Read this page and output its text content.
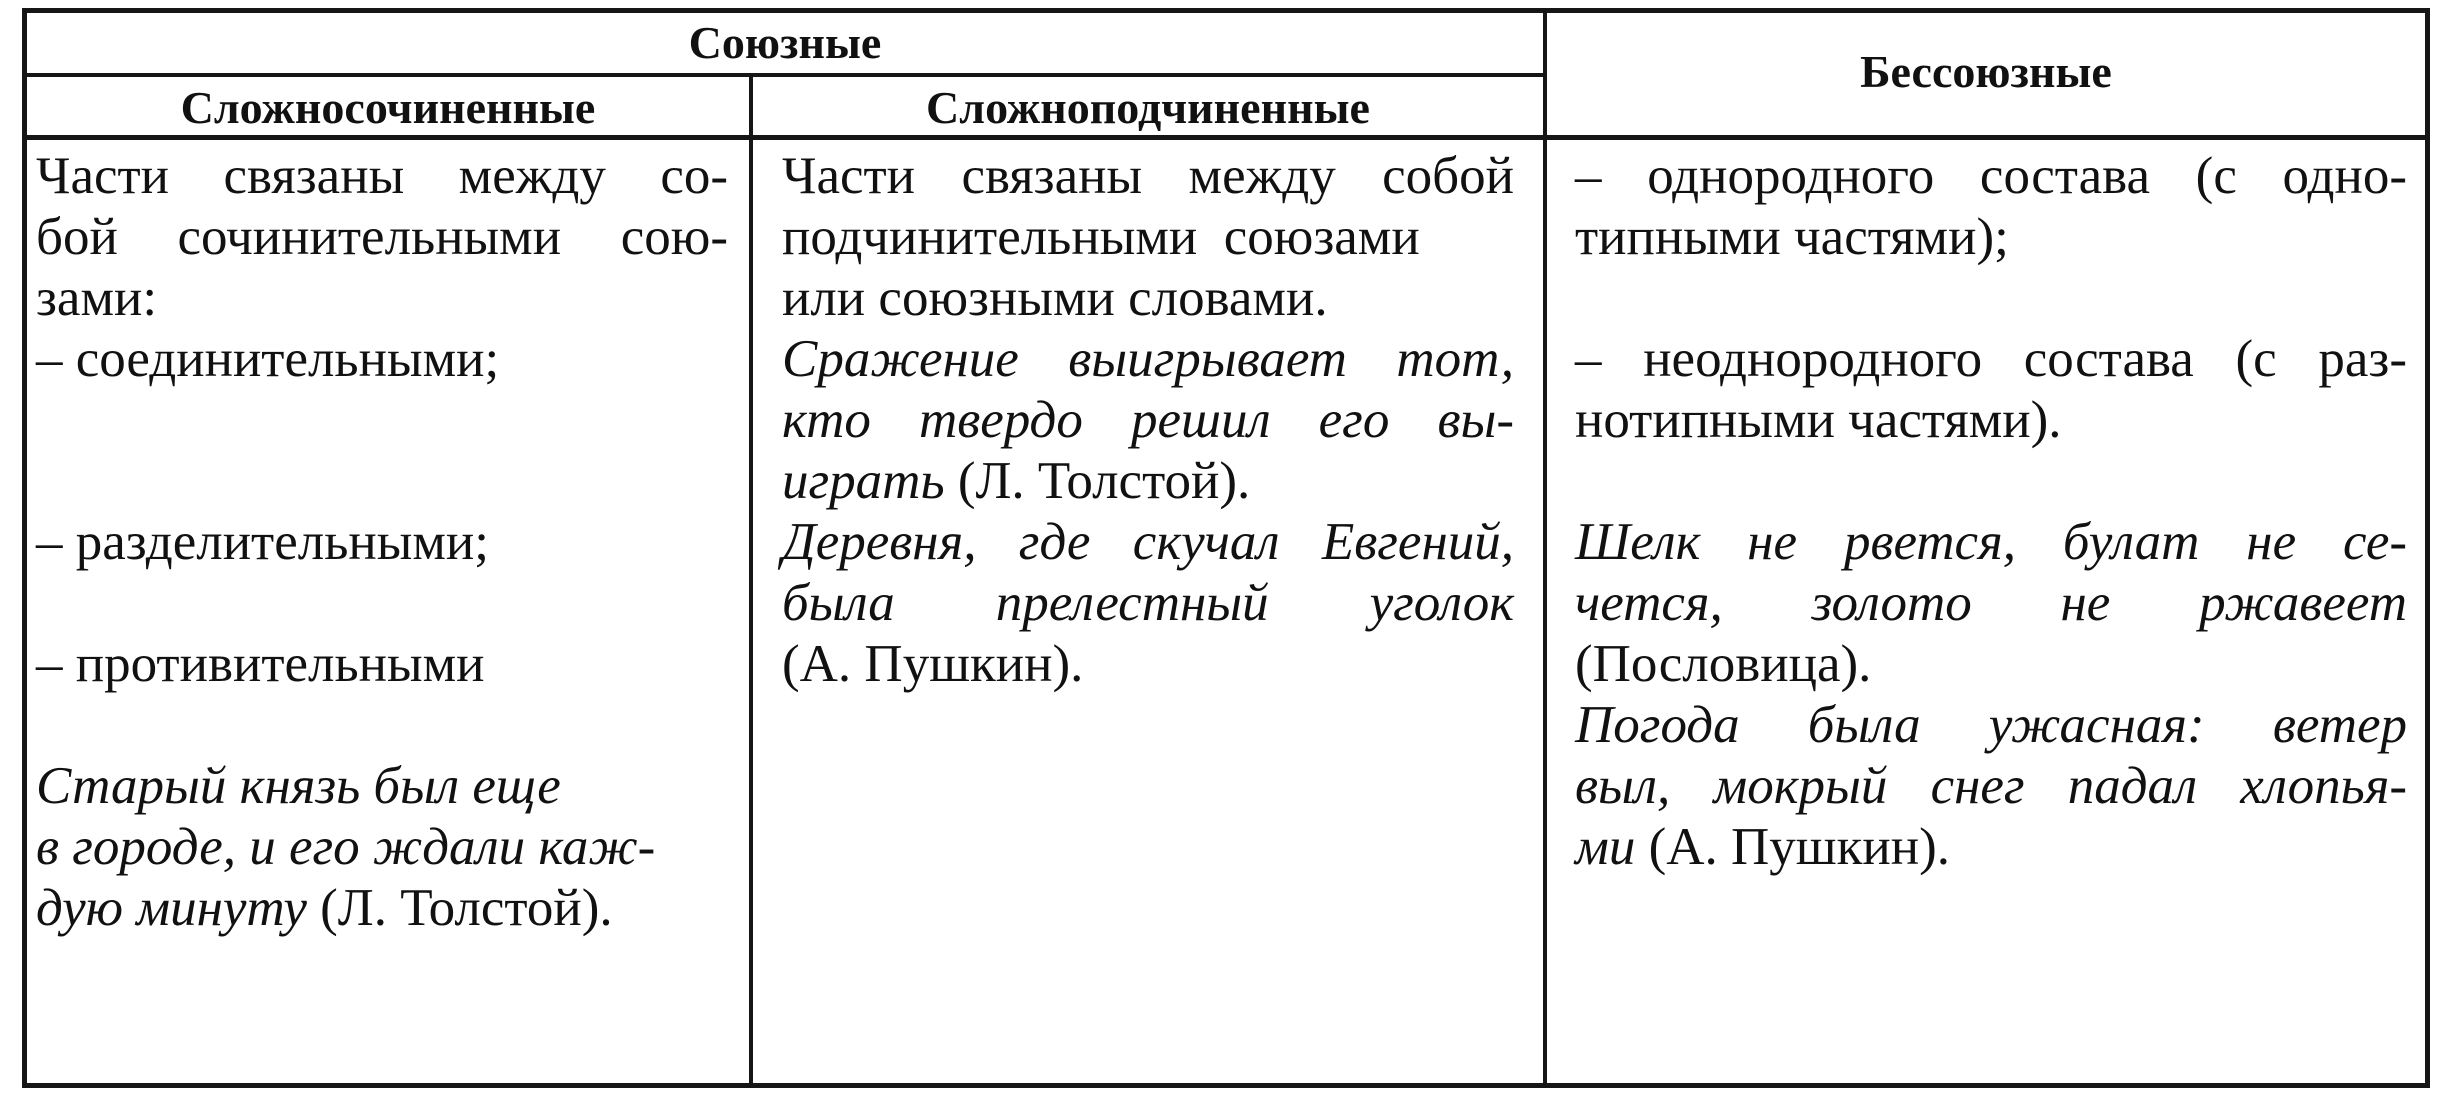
Союзные
Сложносочиненные	Сложноподчиненные
Бессоюзные
Части связаны между со-
бой сочинительными сою-
зами:
– соединительными;
– разделительными;
– противительными
Старый князь был еще
в городе, и его ждали каж-
дую минуту (Л. Толстой).
Части связаны между собой
подчинительными  союзами
или союзными словами.
Сражение выигрывает тот,
кто твердо решил его вы-
играть (Л. Толстой).
Деревня, где скучал Евгений,
была прелестный уголок
(А. Пушкин).
– однородного состава (с одно-
типными частями);
– неоднородного состава (с раз-
нотипными частями).
Шелк не рвется, булат не се-
чется, золото не ржавеет
(Пословица).
Погода была ужасная: ветер
выл, мокрый снег падал хлопья-
ми (А. Пушкин).
